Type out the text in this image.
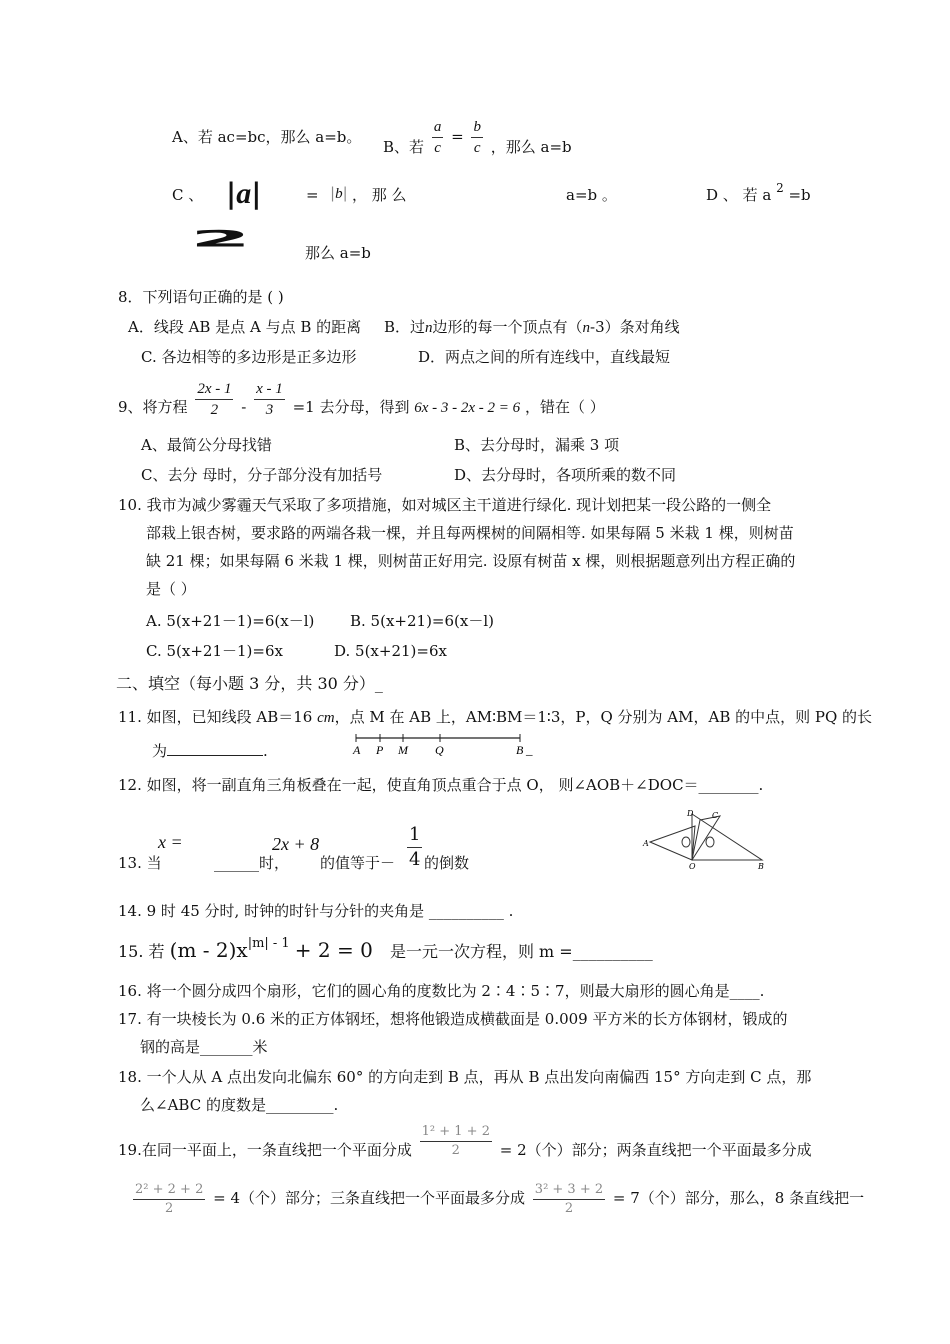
A、若 ac=bc，那么 a=b。
B、若 $\frac{a}{c} = \frac{b}{c}$ ，那么 a=b
C 、 |a|	= |b| ， 那 么	a=b 。	D 、 若 a $^2$ =b
2
那么 a=b
8．下列语句正确的是 ( )
A．线段 AB 是点 A 与点 B 的距离 B．过n边形的每一个顶点有（n-3）条对角线
C. 各边相等的多边形是正多边形	D．两点之间的所有连线中，直线最短
9、将方程 $\frac{2x - 1}{2} - \frac{x - 1}{3} =1$ 去分母，得到 6x - 3 - 2x - 2 = 6 ，错在（ ）
A、最简公分母找错	B、去分母时，漏乘 3 项
C、去分 母时，分子部分没有加括号	D、去分母时，各项所乘的数不同
10. 我市为减少雾霾天气采取了多项措施，如对城区主干道进行绿化. 现计划把某一段公路的一侧全
部栽上银杏树，要求路的两端各栽一棵，并且每两棵树的间隔相等. 如果每隔 5 米栽 1 棵，则树苗
缺 21 棵；如果每隔 6 米栽 1 棵，则树苗正好用完. 设原有树苗 x 棵，则根据题意列出方程正确的
是（ ）
A. 5(x+21－1)=6(x－l) B. 5(x+21)=6(x－l)
C. 5(x+21－1)=6x	D. 5(x+21)=6x
二、填空（每小题 3 分，共 30 分）_
11. 如图，已知线段 AB＝16 cm，点 M 在 AB 上，AM∶BM＝1∶3，P，Q 分别为 AM，AB 的中点，则 PQ 的长
为	.	A P M Q	B _
12. 如图，将一副直角三角板叠在一起，使直角顶点重合于点 O， 则∠AOB＋∠DOC＝________.
D C
A
O	B
13. 当
x =
______时，
2x + 8
的值等于－ $\frac{1}{4}$ 的倒数
14. 9 时 45 分时, 时钟的时针与分针的夹角是 __________ .
15. 若 $(m - 2)x^{|m| - 1} + 2 = 0$ 是一元一次方程，则 m =__________
16. 将一个圆分成四个扇形，它们的圆心角的度数比为 2∶4∶5∶7，则最大扇形的圆心角是____.
17. 有一块棱长为 0.6 米的正方体钢坯，想将他锻造成横截面是 0.009 平方米的长方体钢材，锻成的
钢的高是_______米
18. 一个人从 A 点出发向北偏东 60° 的方向走到 B 点，再从 B 点出发向南偏西 15° 方向走到 C 点，那
么∠ABC 的度数是_________.
19.在同一平面上，一条直线把一个平面分成 $\frac{\text{1² + 1 + 2}}{2} = 2$（个）部分；两条直线把一个平面最多分成
$\frac{\text{2² + 2 + 2}}{2} = 4$（个）部分；三条直线把一个平面最多分成 $\frac{\text{3² + 3 + 2}}{2} = 7$（个）部分，那么，8 条直线把一
